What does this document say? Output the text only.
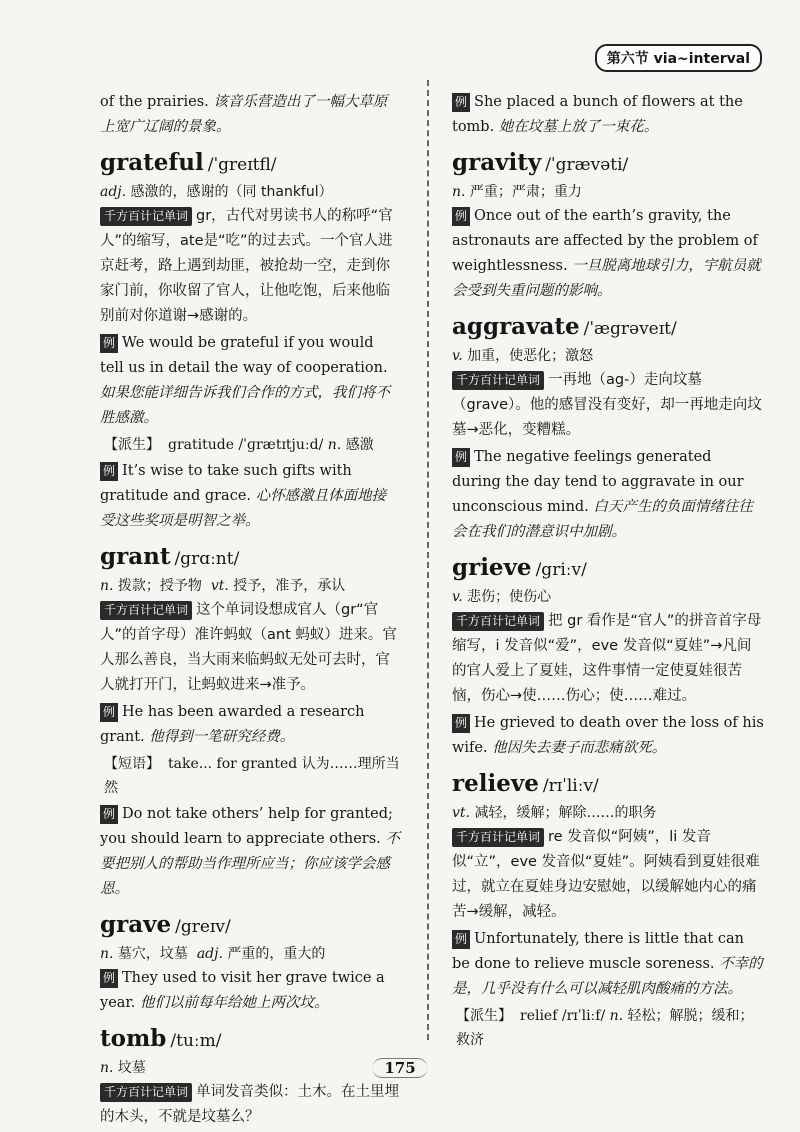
第六节 via~interval

of the prairies. 该音乐营造出了一幅大草原上宽广辽阔的景象。

grateful /ˈgreɪtfl/
adj. 感激的，感谢的（同 thankful）

千方百计记单词 gr，古代对男读书人的称呼“官人”的缩写，ate是“吃”的过去式。一个官人进京赶考，路上遇到劫匪，被抢劫一空，走到你家门前，你收留了官人，让他吃饱，后来他临别前对你道谢→感谢的。

例 We would be grateful if you would tell us in detail the way of cooperation. 如果您能详细告诉我们合作的方式，我们将不胜感激。

【派生】 gratitude /ˈɡrætɪtjuːd/ n. 感激

例 It’s wise to take such gifts with gratitude and grace. 心怀感激且体面地接受这些奖项是明智之举。

grant /grɑːnt/
n. 拨款；授予物 vt. 授予，准予，承认

千方百计记单词 这个单词设想成官人（gr“官人”的首字母）准许蚂蚁（ant 蚂蚁）进来。官人那么善良，当大雨来临蚂蚁无处可去时，官人就打开门，让蚂蚁进来→准予。

例 He has been awarded a research grant. 他得到一笔研究经费。

【短语】 take... for granted 认为……理所当然

例 Do not take others’ help for granted; you should learn to appreciate others. 不要把别人的帮助当作理所应当；你应该学会感恩。

grave /greɪv/
n. 墓穴，坟墓 adj. 严重的，重大的

例 They used to visit her grave twice a year. 他们以前每年给她上两次坟。

tomb /tuːm/
n. 坟墓

千方百计记单词 单词发音类似：土木。在土里埋的木头，不就是坟墓么？

例 She placed a bunch of flowers at the tomb. 她在坟墓上放了一束花。

gravity /ˈgrævəti/
n. 严重；严肃；重力

例 Once out of the earth’s gravity, the astronauts are affected by the problem of weightlessness. 一旦脱离地球引力，宇航员就会受到失重问题的影响。

aggravate /ˈægrəveɪt/
v. 加重，使恶化；激怒

千方百计记单词 一再地（ag-）走向坟墓（grave）。他的感冒没有变好，却一再地走向坟墓→恶化，变糟糕。

例 The negative feelings generated during the day tend to aggravate in our unconscious mind. 白天产生的负面情绪往往会在我们的潜意识中加剧。

grieve /griːv/
v. 悲伤；使伤心

千方百计记单词 把 gr 看作是“官人”的拼音首字母缩写，i 发音似“爱”，eve 发音似“夏娃”→凡间的官人爱上了夏娃，这件事情一定使夏娃很苦恼，伤心→使……伤心；使……难过。

例 He grieved to death over the loss of his wife. 他因失去妻子而悲痛欲死。

relieve /rɪˈliːv/
vt. 减轻，缓解；解除……的职务

千方百计记单词 re 发音似“阿姨”，li 发音似“立”，eve 发音似“夏娃”。阿姨看到夏娃很难过，就立在夏娃身边安慰她，以缓解她内心的痛苦→缓解，减轻。

例 Unfortunately, there is little that can be done to relieve muscle soreness. 不幸的是，几乎没有什么可以减轻肌肉酸痛的方法。

【派生】 relief /rɪˈliːf/ n. 轻松；解脱；缓和；救济
175
